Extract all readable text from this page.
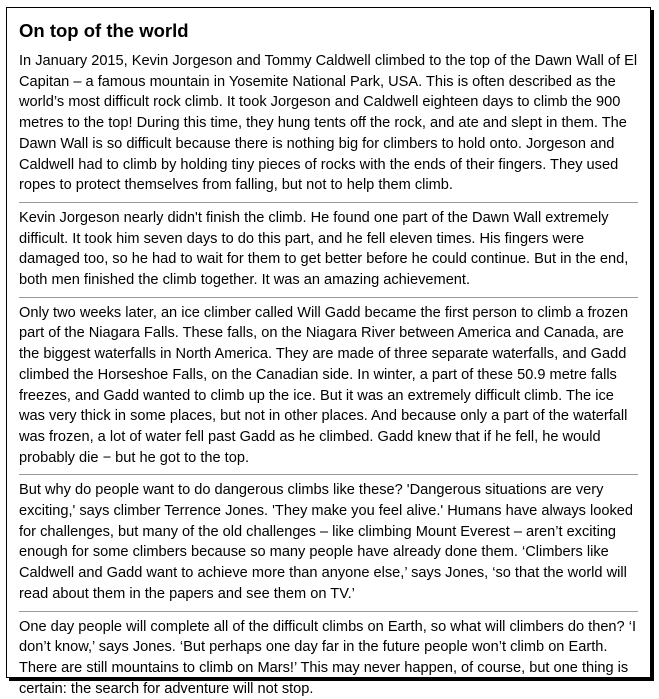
On top of the world

In January 2015, Kevin Jorgeson and Tommy Caldwell climbed to the top of the Dawn Wall of El Capitan – a famous mountain in Yosemite National Park, USA. This is often described as the world’s most difficult rock climb. It took Jorgeson and Caldwell eighteen days to climb the 900 metres to the top! During this time, they hung tents off the rock, and ate and slept in them. The Dawn Wall is so difficult because there is nothing big for climbers to hold onto. Jorgeson and Caldwell had to climb by holding tiny pieces of rocks with the ends of their fingers. They used ropes to protect themselves from falling, but not to help them climb.

Kevin Jorgeson nearly didn't finish the climb. He found one part of the Dawn Wall extremely difficult. It took him seven days to do this part, and he fell eleven times. His fingers were damaged too, so he had to wait for them to get better before he could continue. But in the end, both men finished the climb together. It was an amazing achievement.

Only two weeks later, an ice climber called Will Gadd became the first person to climb a frozen part of the Niagara Falls. These falls, on the Niagara River between America and Canada, are the biggest waterfalls in North America. They are made of three separate waterfalls, and Gadd climbed the Horseshoe Falls, on the Canadian side. In winter, a part of these 50.9 metre falls freezes, and Gadd wanted to climb up the ice. But it was an extremely difficult climb. The ice was very thick in some places, but not in other places. And because only a part of the waterfall was frozen, a lot of water fell past Gadd as he climbed. Gadd knew that if he fell, he would probably die − but he got to the top.

But why do people want to do dangerous climbs like these? 'Dangerous situations are very exciting,' says climber Terrence Jones. 'They make you feel alive.' Humans have always looked for challenges, but many of the old challenges – like climbing Mount Everest – aren’t exciting enough for some climbers because so many people have already done them. ‘Climbers like Caldwell and Gadd want to achieve more than anyone else,’ says Jones, ‘so that the world will read about them in the papers and see them on TV.’

One day people will complete all of the difficult climbs on Earth, so what will climbers do then? ‘I don’t know,’ says Jones. ‘But perhaps one day far in the future people won’t climb on Earth. There are still mountains to climb on Mars!’ This may never happen, of course, but one thing is certain: the search for adventure will not stop.
